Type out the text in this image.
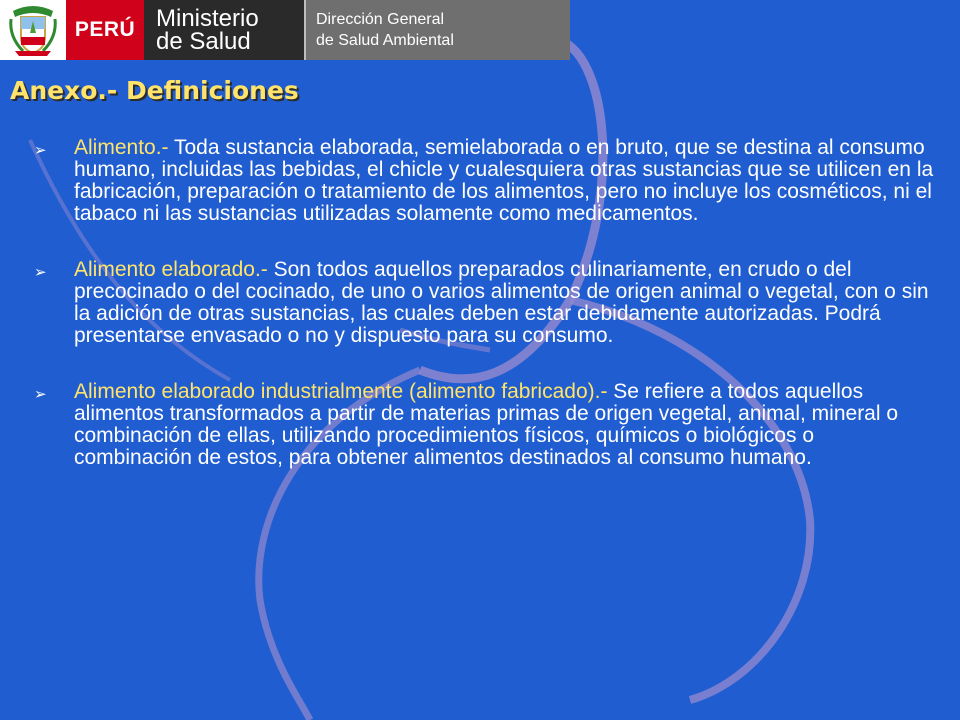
PERÚ Ministerio
de Salud
Dirección General
de Salud Ambiental
Anexo.- Definiciones
➢	Alimento.- Toda sustancia elaborada, semielaborada o en bruto, que se destina al consumo humano, incluidas las bebidas, el chicle y cualesquiera otras sustancias que se utilicen en la fabricación, preparación o tratamiento de los alimentos, pero no incluye los cosméticos, ni el tabaco ni las sustancias utilizadas solamente como medicamentos.
➢	Alimento elaborado.- Son todos aquellos preparados culinariamente, en crudo o del precocinado o del cocinado, de uno o varios alimentos de origen animal o vegetal, con o sin la adición de otras sustancias, las cuales deben estar debidamente autorizadas. Podrá presentarse envasado o no y dispuesto para su consumo.
➢	Alimento elaborado industrialmente (alimento fabricado).- Se refiere a todos aquellos alimentos transformados a partir de materias primas de origen vegetal, animal, mineral o combinación de ellas, utilizando procedimientos físicos, químicos o biológicos o combinación de estos, para obtener alimentos destinados al consumo humano.
